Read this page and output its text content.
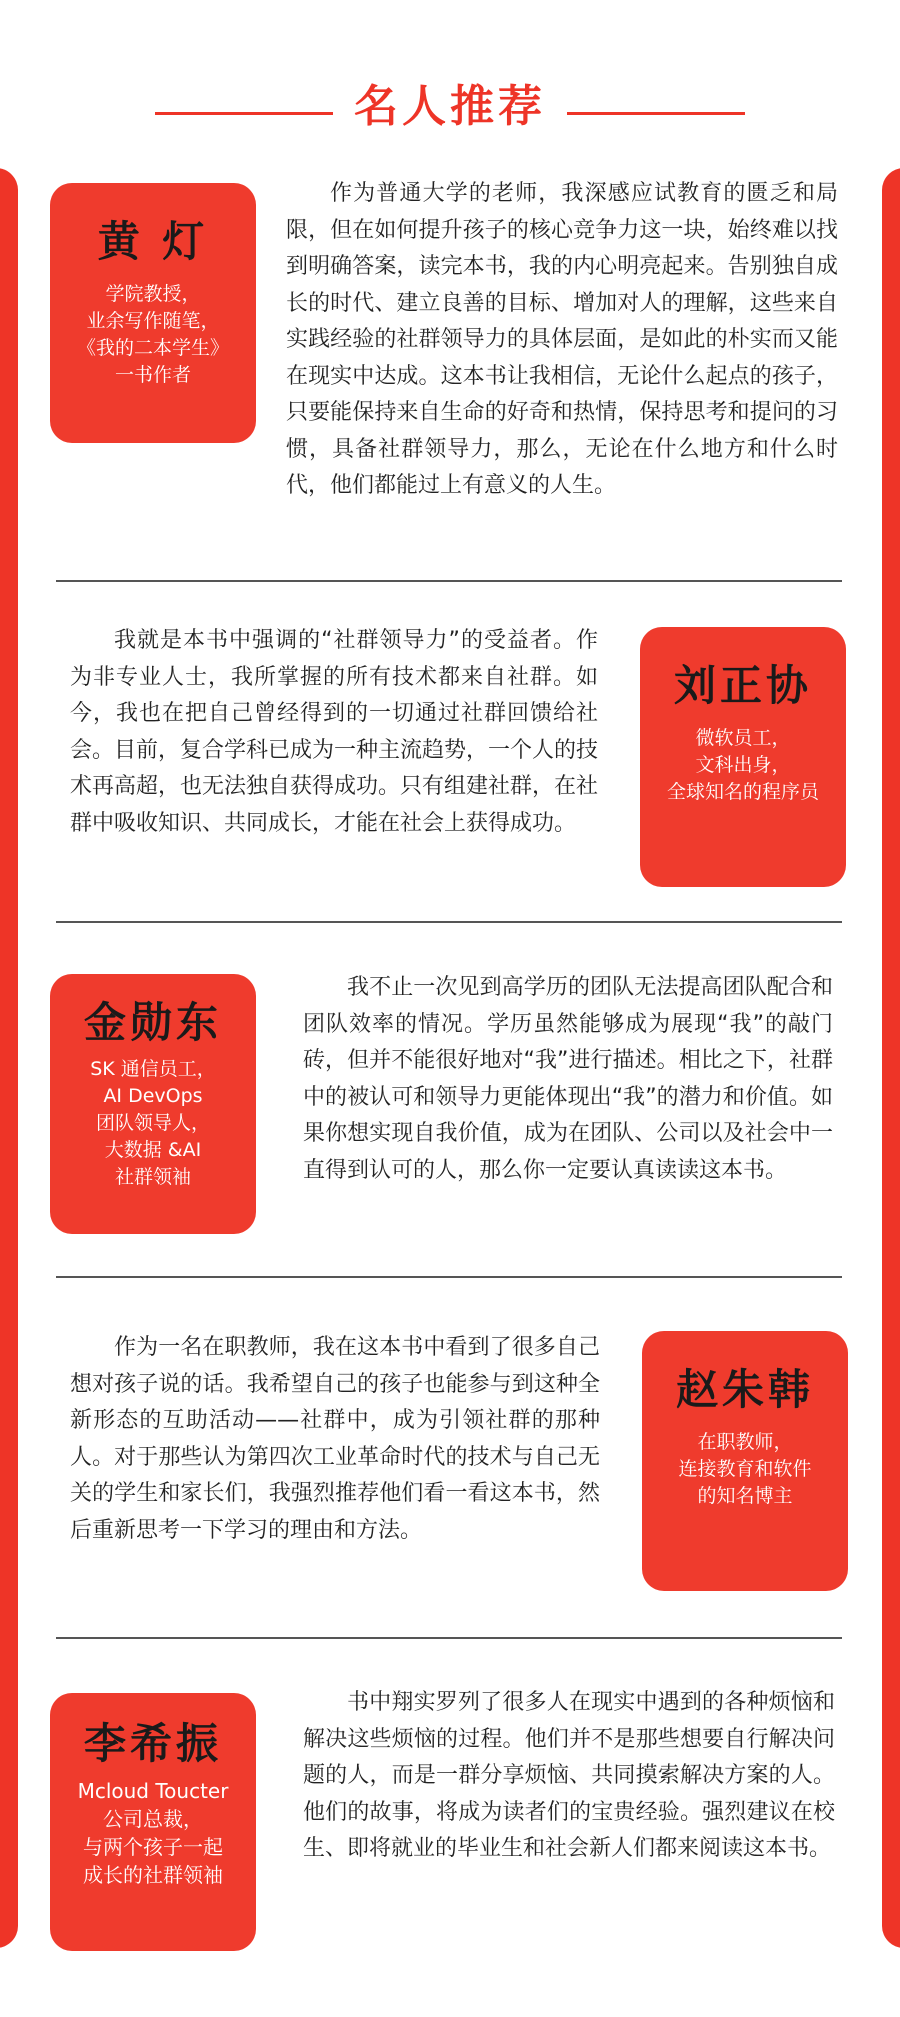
名人推荐
黄 灯
学院教授，
业余写作随笔，
《我的二本学生》
一书作者
作为普通大学的老师，我深感应试教育的匮乏和局限，但在如何提升孩子的核心竞争力这一块，始终难以找到明确答案，读完本书，我的内心明亮起来。告别独自成长的时代、建立良善的目标、增加对人的理解，这些来自实践经验的社群领导力的具体层面，是如此的朴实而又能在现实中达成。这本书让我相信，无论什么起点的孩子，只要能保持来自生命的好奇和热情，保持思考和提问的习惯，具备社群领导力，那么，无论在什么地方和什么时代，他们都能过上有意义的人生。
我就是本书中强调的“社群领导力”的受益者。作为非专业人士，我所掌握的所有技术都来自社群。如今，我也在把自己曾经得到的一切通过社群回馈给社会。目前，复合学科已成为一种主流趋势，一个人的技术再高超，也无法独自获得成功。只有组建社群，在社群中吸收知识、共同成长，才能在社会上获得成功。
刘正协
微软员工，
文科出身，
全球知名的程序员
金勋东
SK 通信员工，
AI DevOps
团队领导人，
大数据 &AI
社群领袖
我不止一次见到高学历的团队无法提高团队配合和团队效率的情况。学历虽然能够成为展现“我”的敲门砖，但并不能很好地对“我”进行描述。相比之下，社群中的被认可和领导力更能体现出“我”的潜力和价值。如果你想实现自我价值，成为在团队、公司以及社会中一直得到认可的人，那么你一定要认真读读这本书。
作为一名在职教师，我在这本书中看到了很多自己想对孩子说的话。我希望自己的孩子也能参与到这种全新形态的互助活动——社群中，成为引领社群的那种人。对于那些认为第四次工业革命时代的技术与自己无关的学生和家长们，我强烈推荐他们看一看这本书，然后重新思考一下学习的理由和方法。
赵朱韩
在职教师，
连接教育和软件
的知名博主
李希振
Mcloud Toucter
公司总裁，
与两个孩子一起
成长的社群领袖
书中翔实罗列了很多人在现实中遇到的各种烦恼和解决这些烦恼的过程。他们并不是那些想要自行解决问题的人，而是一群分享烦恼、共同摸索解决方案的人。他们的故事，将成为读者们的宝贵经验。强烈建议在校生、即将就业的毕业生和社会新人们都来阅读这本书。
